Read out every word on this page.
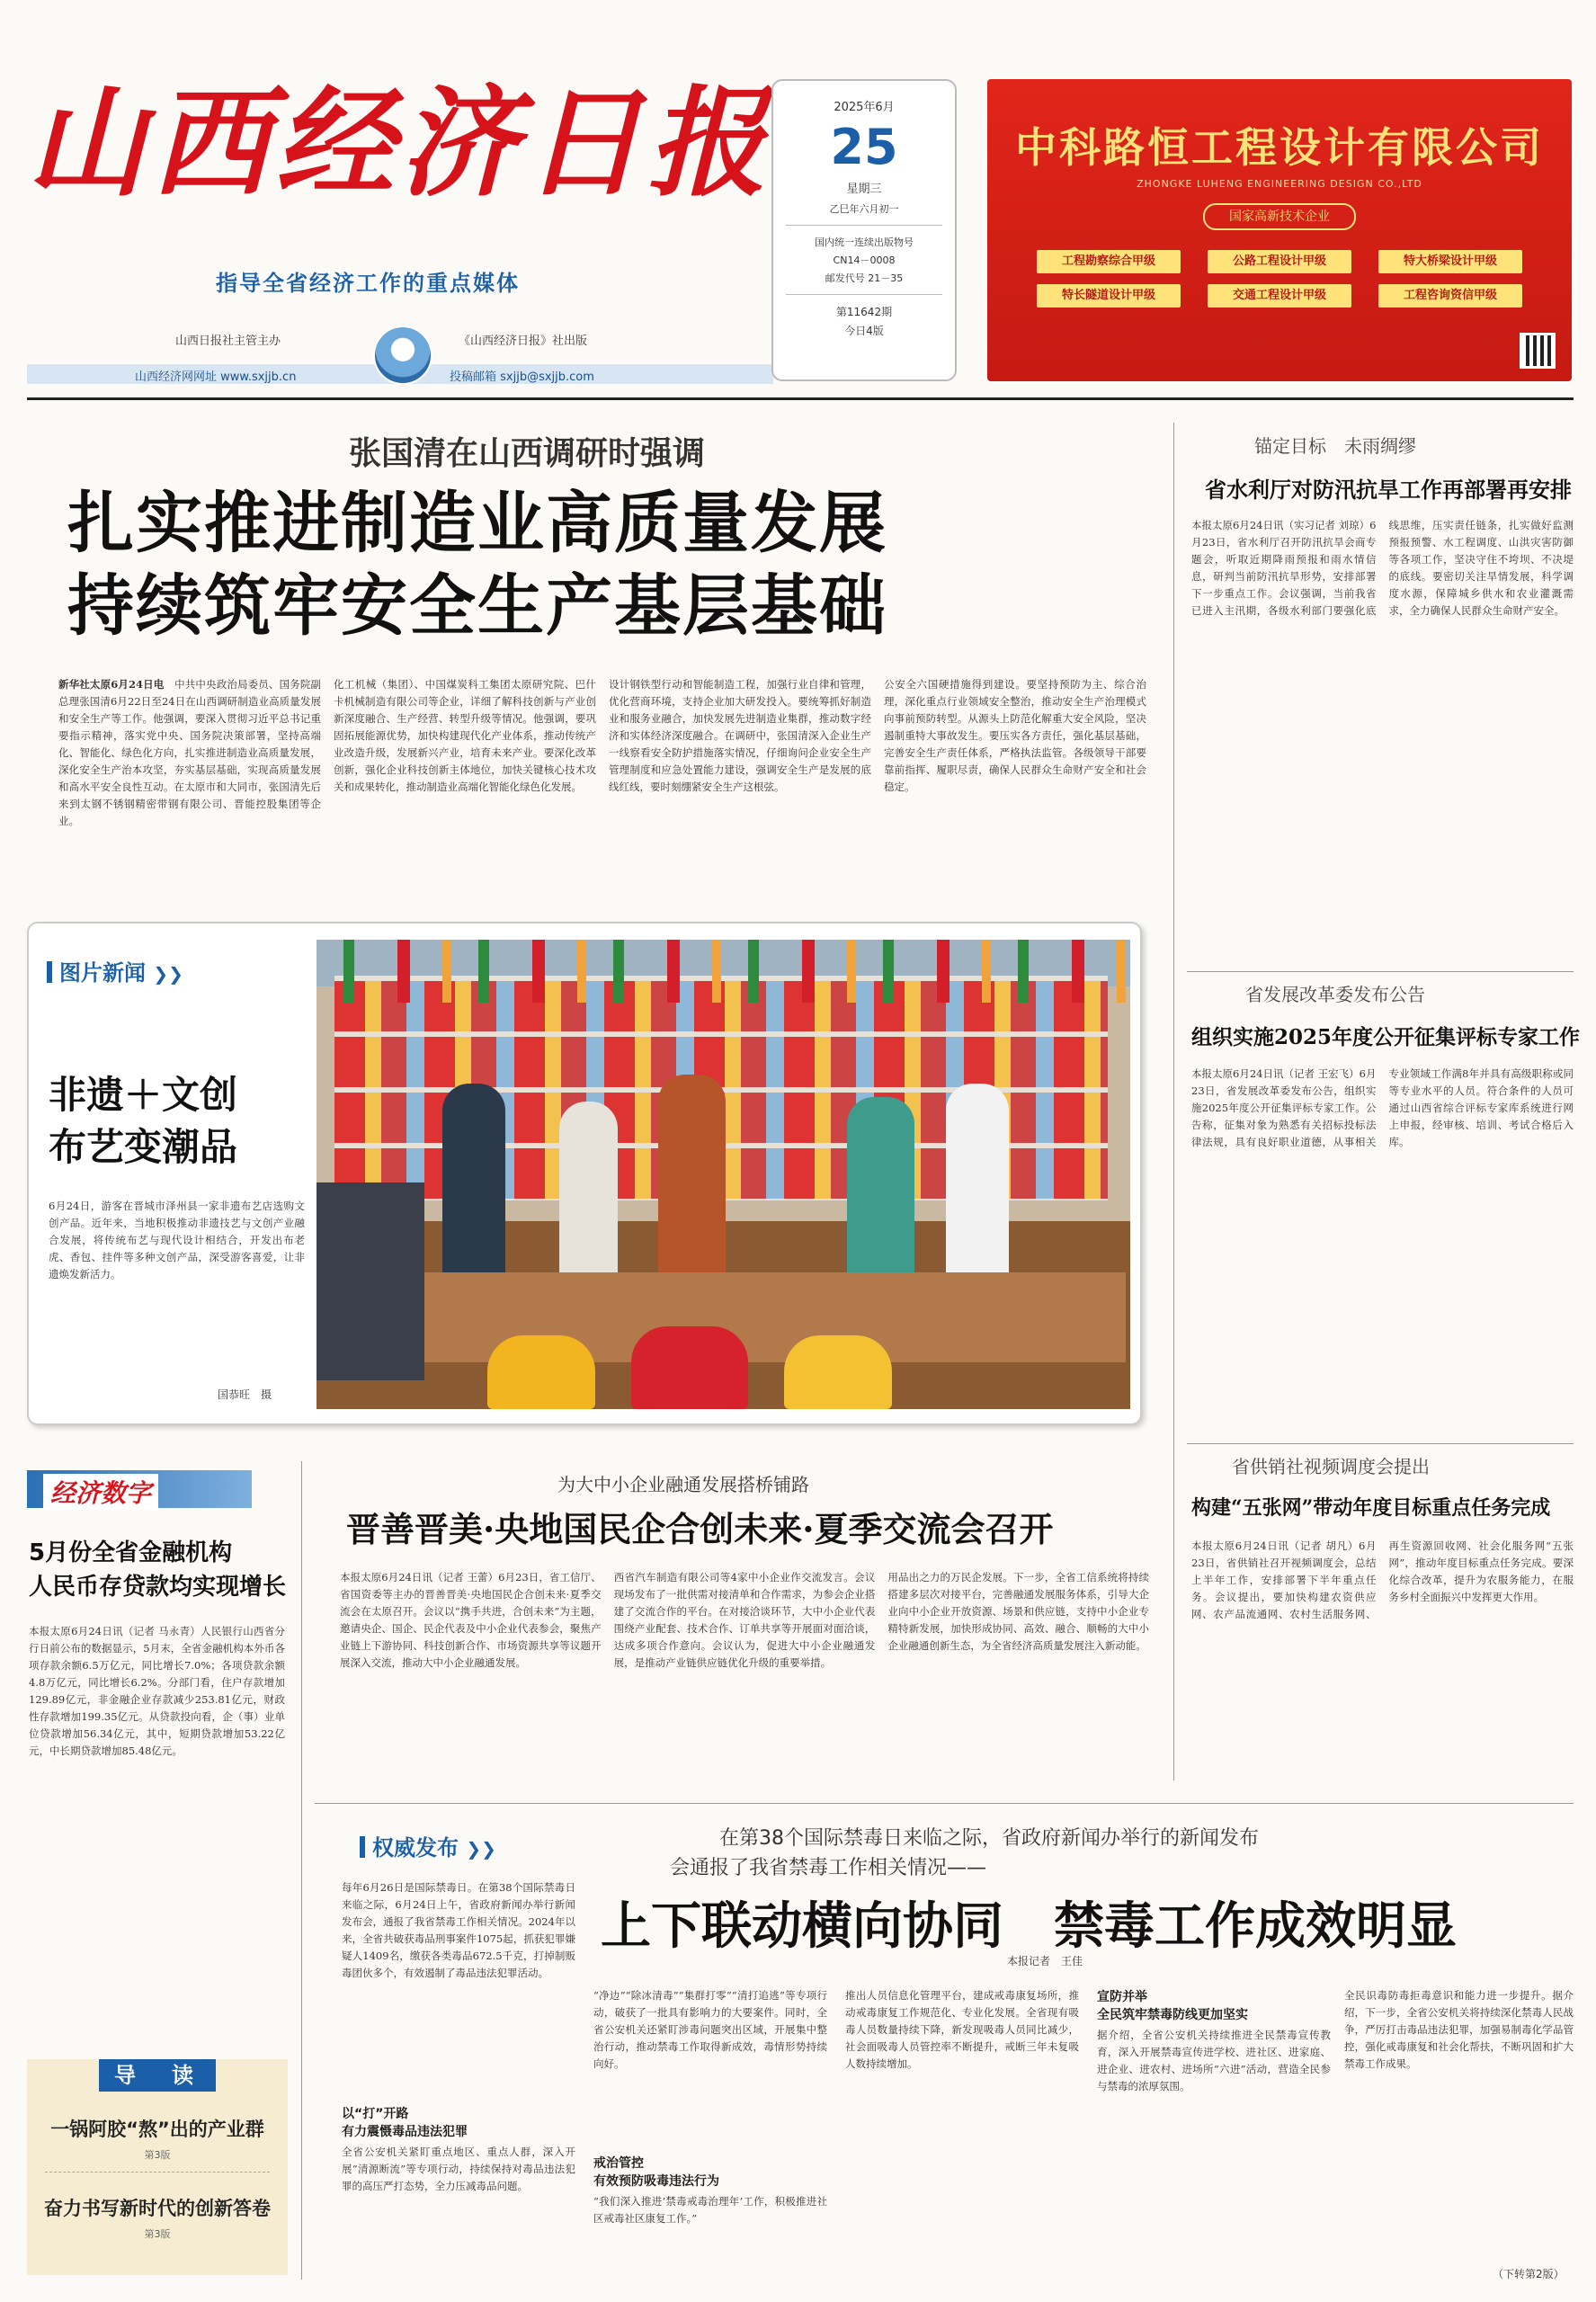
山西经济日报
指导全省经济工作的重点媒体
山西日报社主管主办	《山西经济日报》社出版
山西经济网网址 www.sxjjb.cn	投稿邮箱 sxjjb@sxjjb.com
2025年6月
25
星期三
乙巳年六月初一
国内统一连续出版物号
CN14－0008
邮发代号 21－35
第11642期
今日4版
中科路恒工程设计有限公司
ZHONGKE LUHENG ENGINEERING DESIGN CO.,LTD
国家高新技术企业
工程勘察综合甲级	公路工程设计甲级	特大桥梁设计甲级
特长隧道设计甲级	交通工程设计甲级	工程咨询资信甲级
张国清在山西调研时强调
扎实推进制造业高质量发展
持续筑牢安全生产基层基础
新华社太原6月24日电　 中共中央政治局委员、国务院副总理张国清6月22日至24日在山西调研制造业高质量发展和安全生产等工作。他强调，要深入贯彻习近平总书记重要指示精神，落实党中央、国务院决策部署，坚持高端化、智能化、绿色化方向，扎实推进制造业高质量发展，深化安全生产治本攻坚，夯实基层基础，实现高质量发展和高水平安全良性互动。在太原市和大同市，张国清先后来到太钢不锈钢精密带钢有限公司、晋能控股集团等企业。
化工机械（集团）、中国煤炭科工集团太原研究院、巴什卡机械制造有限公司等企业，详细了解科技创新与产业创新深度融合、生产经营、转型升级等情况。他强调，要巩固拓展能源优势，加快构建现代化产业体系，推动传统产业改造升级，发展新兴产业，培育未来产业。要深化改革创新，强化企业科技创新主体地位，加快关键核心技术攻关和成果转化，推动制造业高端化智能化绿色化发展。
设计钢铁型行动和智能制造工程，加强行业自律和管理，优化营商环境，支持企业加大研发投入。要统筹抓好制造业和服务业融合，加快发展先进制造业集群，推动数字经济和实体经济深度融合。在调研中，张国清深入企业生产一线察看安全防护措施落实情况，仔细询问企业安全生产管理制度和应急处置能力建设，强调安全生产是发展的底线红线，要时刻绷紧安全生产这根弦。
公安全六国硬措施得到建设。要坚持预防为主、综合治理，深化重点行业领域安全整治，推动安全生产治理模式向事前预防转型。从源头上防范化解重大安全风险，坚决遏制重特大事故发生。要压实各方责任，强化基层基础，完善安全生产责任体系，严格执法监管。各级领导干部要靠前指挥、履职尽责，确保人民群众生命财产安全和社会稳定。
锚定目标　未雨绸缪
省水利厅对防汛抗旱工作再部署再安排
本报太原6月24日讯（实习记者 刘琼）6月23日，省水利厅召开防汛抗旱会商专题会，听取近期降雨预报和雨水情信息，研判当前防汛抗旱形势，安排部署下一步重点工作。会议强调，当前我省已进入主汛期，各级水利部门要强化底线思维，压实责任链条，扎实做好监测预报预警、水工程调度、山洪灾害防御等各项工作，坚决守住不垮坝、不决堤的底线。要密切关注旱情发展，科学调度水源，保障城乡供水和农业灌溉需求，全力确保人民群众生命财产安全。
省发展改革委发布公告
组织实施2025年度公开征集评标专家工作
本报太原6月24日讯（记者 王宏飞）6月23日，省发展改革委发布公告，组织实施2025年度公开征集评标专家工作。公告称，征集对象为熟悉有关招标投标法律法规，具有良好职业道德，从事相关专业领域工作满8年并具有高级职称或同等专业水平的人员。符合条件的人员可通过山西省综合评标专家库系统进行网上申报，经审核、培训、考试合格后入库。
图片新闻 ❯❯
非遗＋文创
布艺变潮品
6月24日，游客在晋城市泽州县一家非遗布艺店选购文创产品。近年来，当地积极推动非遗技艺与文创产业融合发展，将传统布艺与现代设计相结合，开发出布老虎、香包、挂件等多种文创产品，深受游客喜爱，让非遗焕发新活力。
国恭旺　摄
经济数字
5月份全省金融机构
人民币存贷款均实现增长
本报太原6月24日讯（记者 马永青）人民银行山西省分行日前公布的数据显示，5月末，全省金融机构本外币各项存款余额6.5万亿元，同比增长7.0%；各项贷款余额4.8万亿元，同比增长6.2%。分部门看，住户存款增加129.89亿元，非金融企业存款减少253.81亿元，财政性存款增加199.35亿元。从贷款投向看，企（事）业单位贷款增加56.34亿元，其中，短期贷款增加53.22亿元，中长期贷款增加85.48亿元。
为大中小企业融通发展搭桥铺路
晋善晋美·央地国民企合创未来·夏季交流会召开
本报太原6月24日讯（记者 王蕾）6月23日，省工信厅、省国资委等主办的晋善晋美·央地国民企合创未来·夏季交流会在太原召开。会议以“携手共进，合创未来”为主题，邀请央企、国企、民企代表及中小企业代表参会，聚焦产业链上下游协同、科技创新合作、市场资源共享等议题开展深入交流，推动大中小企业融通发展。
西省汽车制造有限公司等4家中小企业作交流发言。会议现场发布了一批供需对接清单和合作需求，为参会企业搭建了交流合作的平台。在对接洽谈环节，大中小企业代表围绕产业配套、技术合作、订单共享等开展面对面洽谈，达成多项合作意向。会议认为，促进大中小企业融通发展，是推动产业链供应链优化升级的重要举措。
用品出之力的万民企发展。下一步，全省工信系统将持续搭建多层次对接平台，完善融通发展服务体系，引导大企业向中小企业开放资源、场景和供应链，支持中小企业专精特新发展，加快形成协同、高效、融合、顺畅的大中小企业融通创新生态，为全省经济高质量发展注入新动能。
省供销社视频调度会提出
构建“五张网”带动年度目标重点任务完成
本报太原6月24日讯（记者 胡凡）6月23日，省供销社召开视频调度会，总结上半年工作，安排部署下半年重点任务。会议提出，要加快构建农资供应网、农产品流通网、农村生活服务网、再生资源回收网、社会化服务网“五张网”，推动年度目标重点任务完成。要深化综合改革，提升为农服务能力，在服务乡村全面振兴中发挥更大作用。
权威发布 ❯❯	在第38个国际禁毒日来临之际，省政府新闻办举行的新闻发布
会通报了我省禁毒工作相关情况——
上下联动横向协同　禁毒工作成效明显
本报记者　王佳
每年6月26日是国际禁毒日。在第38个国际禁毒日来临之际，6月24日上午，省政府新闻办举行新闻发布会，通报了我省禁毒工作相关情况。2024年以来，全省共破获毒品刑事案件1075起，抓获犯罪嫌疑人1409名，缴获各类毒品672.5千克，打掉制贩毒团伙多个，有效遏制了毒品违法犯罪活动。
以“打”开路
有力震慑毒品违法犯罪
全省公安机关紧盯重点地区、重点人群，深入开展“清源断流”等专项行动，持续保持对毒品违法犯罪的高压严打态势，全力压减毒品问题。
“净边”“除冰清毒”“集群打零”“清打追逃”等专项行动，破获了一批具有影响力的大要案件。同时，全省公安机关还紧盯涉毒问题突出区域，开展集中整治行动，推动禁毒工作取得新成效，毒情形势持续向好。
戒治管控
有效预防吸毒违法行为
“我们深入推进‘禁毒戒毒治理年’工作，积极推进社区戒毒社区康复工作。”
推出人员信息化管理平台，建成戒毒康复场所，推动戒毒康复工作规范化、专业化发展。全省现有吸毒人员数量持续下降，新发现吸毒人员同比减少，社会面吸毒人员管控率不断提升，戒断三年未复吸人数持续增加。
宣防并举
全民筑牢禁毒防线更加坚实
据介绍，全省公安机关持续推进全民禁毒宣传教育，深入开展禁毒宣传进学校、进社区、进家庭、进企业、进农村、进场所“六进”活动，营造全民参与禁毒的浓厚氛围。
全民识毒防毒拒毒意识和能力进一步提升。据介绍，下一步，全省公安机关将持续深化禁毒人民战争，严厉打击毒品违法犯罪，加强易制毒化学品管控，强化戒毒康复和社会化帮扶，不断巩固和扩大禁毒工作成果。
（下转第2版）
导　读
一锅阿胶“熬”出的产业群
第3版
奋力书写新时代的创新答卷
第3版
